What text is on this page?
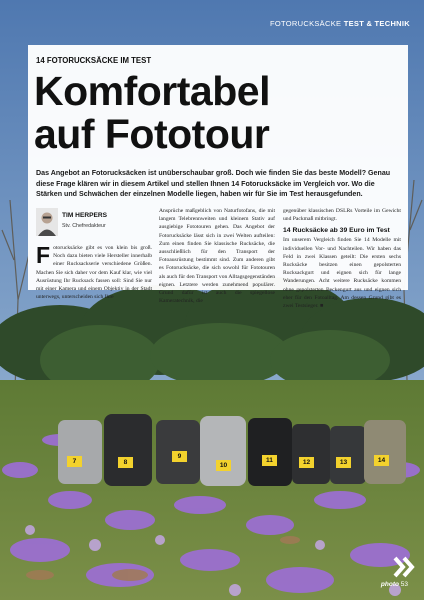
FOTORUCKSÄCKE TEST & TECHNIK
14 FOTORUCKSÄCKE IM TEST
Komfortabel
auf Fototour

Das Angebot an Fotorucksäcken ist unüberschaubar groß. Doch wie finden Sie das beste Modell? Genau diese Frage klären wir in diesem Artikel und stellen Ihnen 14 Fotorucksäcke im Vergleich vor. Wo die Stärken und Schwächen der einzelnen Modelle liegen, haben wir für Sie im Test herausgefunden.

TIM HERPERS
Stv. Chefredakteur
Fotorucksäcke gibt es von klein bis groß. Noch dazu bieten viele Hersteller innerhalb einer Rucksackserie verschiedene Größen. Machen Sie sich daher vor dem Kauf klar, wie viel Ausrüstung Ihr Rucksack fassen soll: Sind Sie nur mit einer Kamera und einem Objektiv in der Stadt unterwegs, unterscheiden sich Ihre
Ansprüche maßgeblich von Naturfotofans, die mit langem Telebrennweiten und kleinem Stativ auf ausgiebige Fototouren gehen. Das Angebot der Fotorucksäcke lässt sich in zwei Welten aufteilen: Zum einen finden Sie klassische Rucksäcke, die ausschließlich für den Transport der Fotoausrüstung bestimmt sind. Zum anderen gibt es Fotorucksäcke, die sich sowohl für Fototouren als auch für den Transport von Alltagsgegenständen eignen. Letztere werden zunehmend populärer. Grund dafür ist auch die spiegellose Kameratechnik, die
gegenüber klassischen DSLRs Vorteile im Gewicht und Packmaß mitbringt.
14 Rucksäcke ab 39 Euro im Test
Im unserem Vergleich finden Sie 14 Modelle mit individuellen Vor- und Nachteilen. Wir haben das Feld in zwei Klassen geteilt: Die ersten sechs Rucksäcke besitzen einen gepolsterten Rucksackgurt und eignen sich für lange Wanderungen. Acht weitere Rucksäcke kommen ohne gepolsterten Beckengurt aus und eignen sich eher für den Fotoalltag. Am dessen Grund gibt es zwei Testsieger. ■
7	8
9
10
11	12	13	14
photo 53
